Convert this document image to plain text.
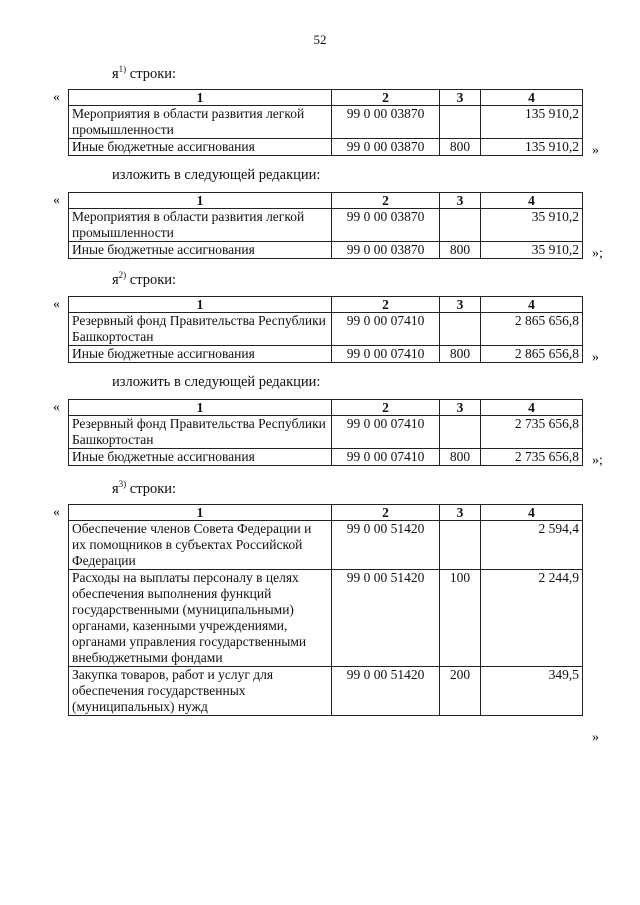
52
$я^{1)}$ строки:
«	1	2	3	4
Мероприятия в области развития легкой промышленности	99 0 00 03870		135 910,2
Иные бюджетные ассигнования	99 0 00 03870	800	135 910,2 »
изложить в следующей редакции:
«	1	2	3	4
Мероприятия в области развития легкой промышленности	99 0 00 03870		35 910,2
Иные бюджетные ассигнования	99 0 00 03870	800	35 910,2 »;
$я^{2)}$ строки:
«	1	2	3	4
Резервный фонд Правительства Республики Башкортостан	99 0 00 07410		2 865 656,8
Иные бюджетные ассигнования	99 0 00 07410	800	2 865 656,8 »
изложить в следующей редакции:
«	1	2	3	4
Резервный фонд Правительства Республики Башкортостан	99 0 00 07410		2 735 656,8
Иные бюджетные ассигнования	99 0 00 07410	800	2 735 656,8 »;
$я^{3)}$ строки:
«	1	2	3	4
Обеспечение членов Совета Федерации и их помощников в субъектах Российской Федерации	99 0 00 51420		2 594,4
Расходы на выплаты персоналу в целях обеспечения выполнения функций государственными (муниципальными) органами, казенными учреждениями, органами управления государственными внебюджетными фондами	99 0 00 51420	100	2 244,9
Закупка товаров, работ и услуг для обеспечения государственных (муниципальных) нужд	99 0 00 51420	200	349,5
»
